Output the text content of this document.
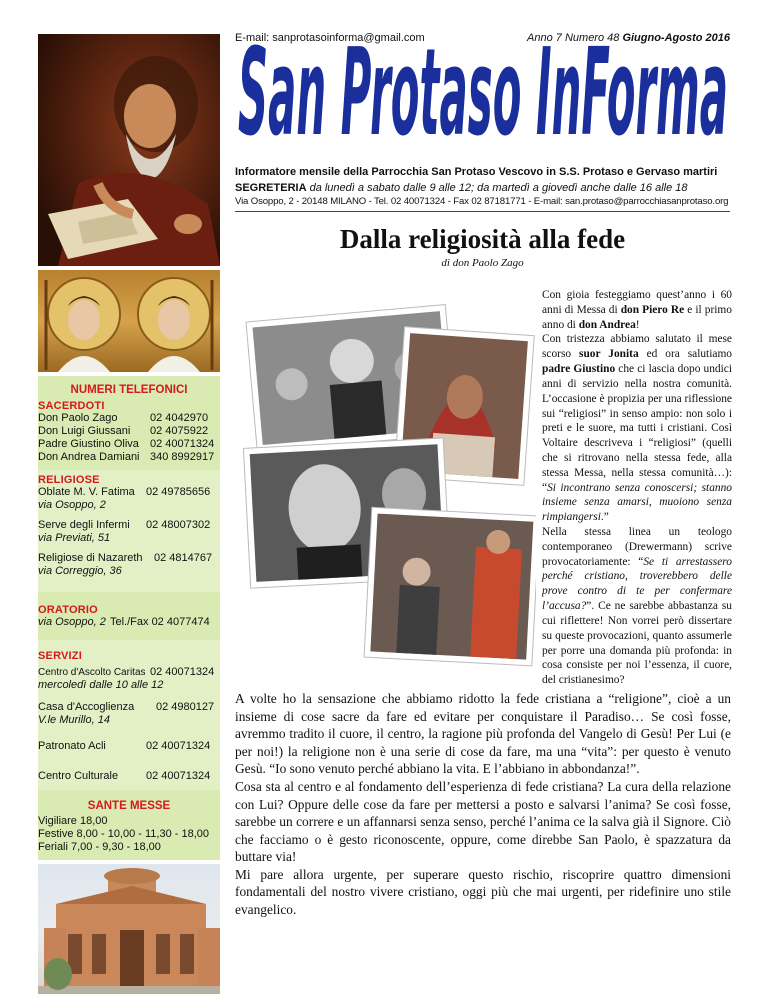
NUMERI TELEFONICI
SACERDOTI
Don Paolo Zago	02 4042970
Don Luigi Giussani 02 4075922
Padre Giustino Oliva 02 40071324
Don Andrea Damiani 340 8992917
RELIGIOSE
Oblate M. V. Fatima 02 49785656
via Osoppo, 2
Serve degli Infermi 02 48007302
via Previati, 51
Religiose di Nazareth 02 4814767
via Correggio, 36
ORATORIO
via Osoppo, 2 Tel./Fax 02 4077474
SERVIZI
Centro d'Ascolto Caritas 02 40071324
mercoledì dalle 10 alle 12
Casa d'Accoglienza 02 4980127
V.le Murillo, 14
Patronato Acli	02 40071324
Centro Culturale	02 40071324
SANTE MESSE
Vigiliare 18,00
Festive 8,00 - 10,00 - 11,30 - 18,00
Feriali 7,00 - 9,30 - 18,00
E-mail: sanprotasoinforma@gmail.com	Anno 7 Numero 48 Giugno-Agosto 2016
San Protaso InForma
Informatore mensile della Parrocchia San Protaso Vescovo in S.S. Protaso e Gervaso martiri
SEGRETERIA da lunedì a sabato dalle 9 alle 12; da martedì a giovedì anche dalle 16 alle 18
Via Osoppo, 2 - 20148 MILANO - Tel. 02 40071324 - Fax 02 87181771 - E-mail: san.protaso@parrocchiasanprotaso.org
Dalla religiosità alla fede
di don Paolo Zago

Con gioia festeggiamo quest’anno i 60 anni di Messa di don Piero Re e il primo anno di don Andrea!

Con tristezza abbiamo salutato il mese scorso suor Jonita ed ora salutiamo padre Giustino che ci lascia dopo undici anni di servizio nella nostra comunità. L’occasione è propizia per una riflessione sui “religiosi” in senso ampio: non solo i preti e le suore, ma tutti i cristiani. Così Voltaire descriveva i “religiosi” (quelli che si ritrovano nella stessa fede, alla stessa Messa, nella stessa comunità…): “Si incontrano senza conoscersi; stanno insieme senza amarsi, muoiono senza rimpiangersi.”

Nella stessa linea un teologo contemporaneo (Drewermann) scrive provocatoriamente: “Se ti arrestassero perché cristiano, troverebbero delle prove contro di te per confermare l’accusa?”. Ce ne sarebbe abbastanza su cui riflettere! Non vorrei però dissertare su queste provocazioni, quanto assumerle per porre una domanda più profonda: in cosa consiste per noi l’essenza, il cuore, del cristianesimo?

A volte ho la sensazione che abbiamo ridotto la fede cristiana a “religione”, cioè a un insieme di cose sacre da fare ed evitare per conquistare il Paradiso… Se così fosse, avremmo tradito il cuore, il centro, la ragione più profonda del Vangelo di Gesù! Per Lui (e per noi!) la religione non è una serie di cose da fare, ma una “vita”: per questo è venuto Gesù. “Io sono venuto perché abbiano la vita. E l’abbiano in abbondanza!”.

Cosa sta al centro e al fondamento dell’esperienza di fede cristiana? La cura della relazione con Lui? Oppure delle cose da fare per mettersi a posto e salvarsi l’anima? Se così fosse, sarebbe un correre e un affannarsi senza senso, perché l’anima ce la salva già il Signore. Ciò che facciamo o è gesto riconoscente, oppure, come direbbe San Paolo, è spazzatura da buttare via!

Mi pare allora urgente, per superare questo rischio, riscoprire quattro dimensioni fondamentali del nostro vivere cristiano, oggi più che mai urgenti, per ridefinire uno stile evangelico.
